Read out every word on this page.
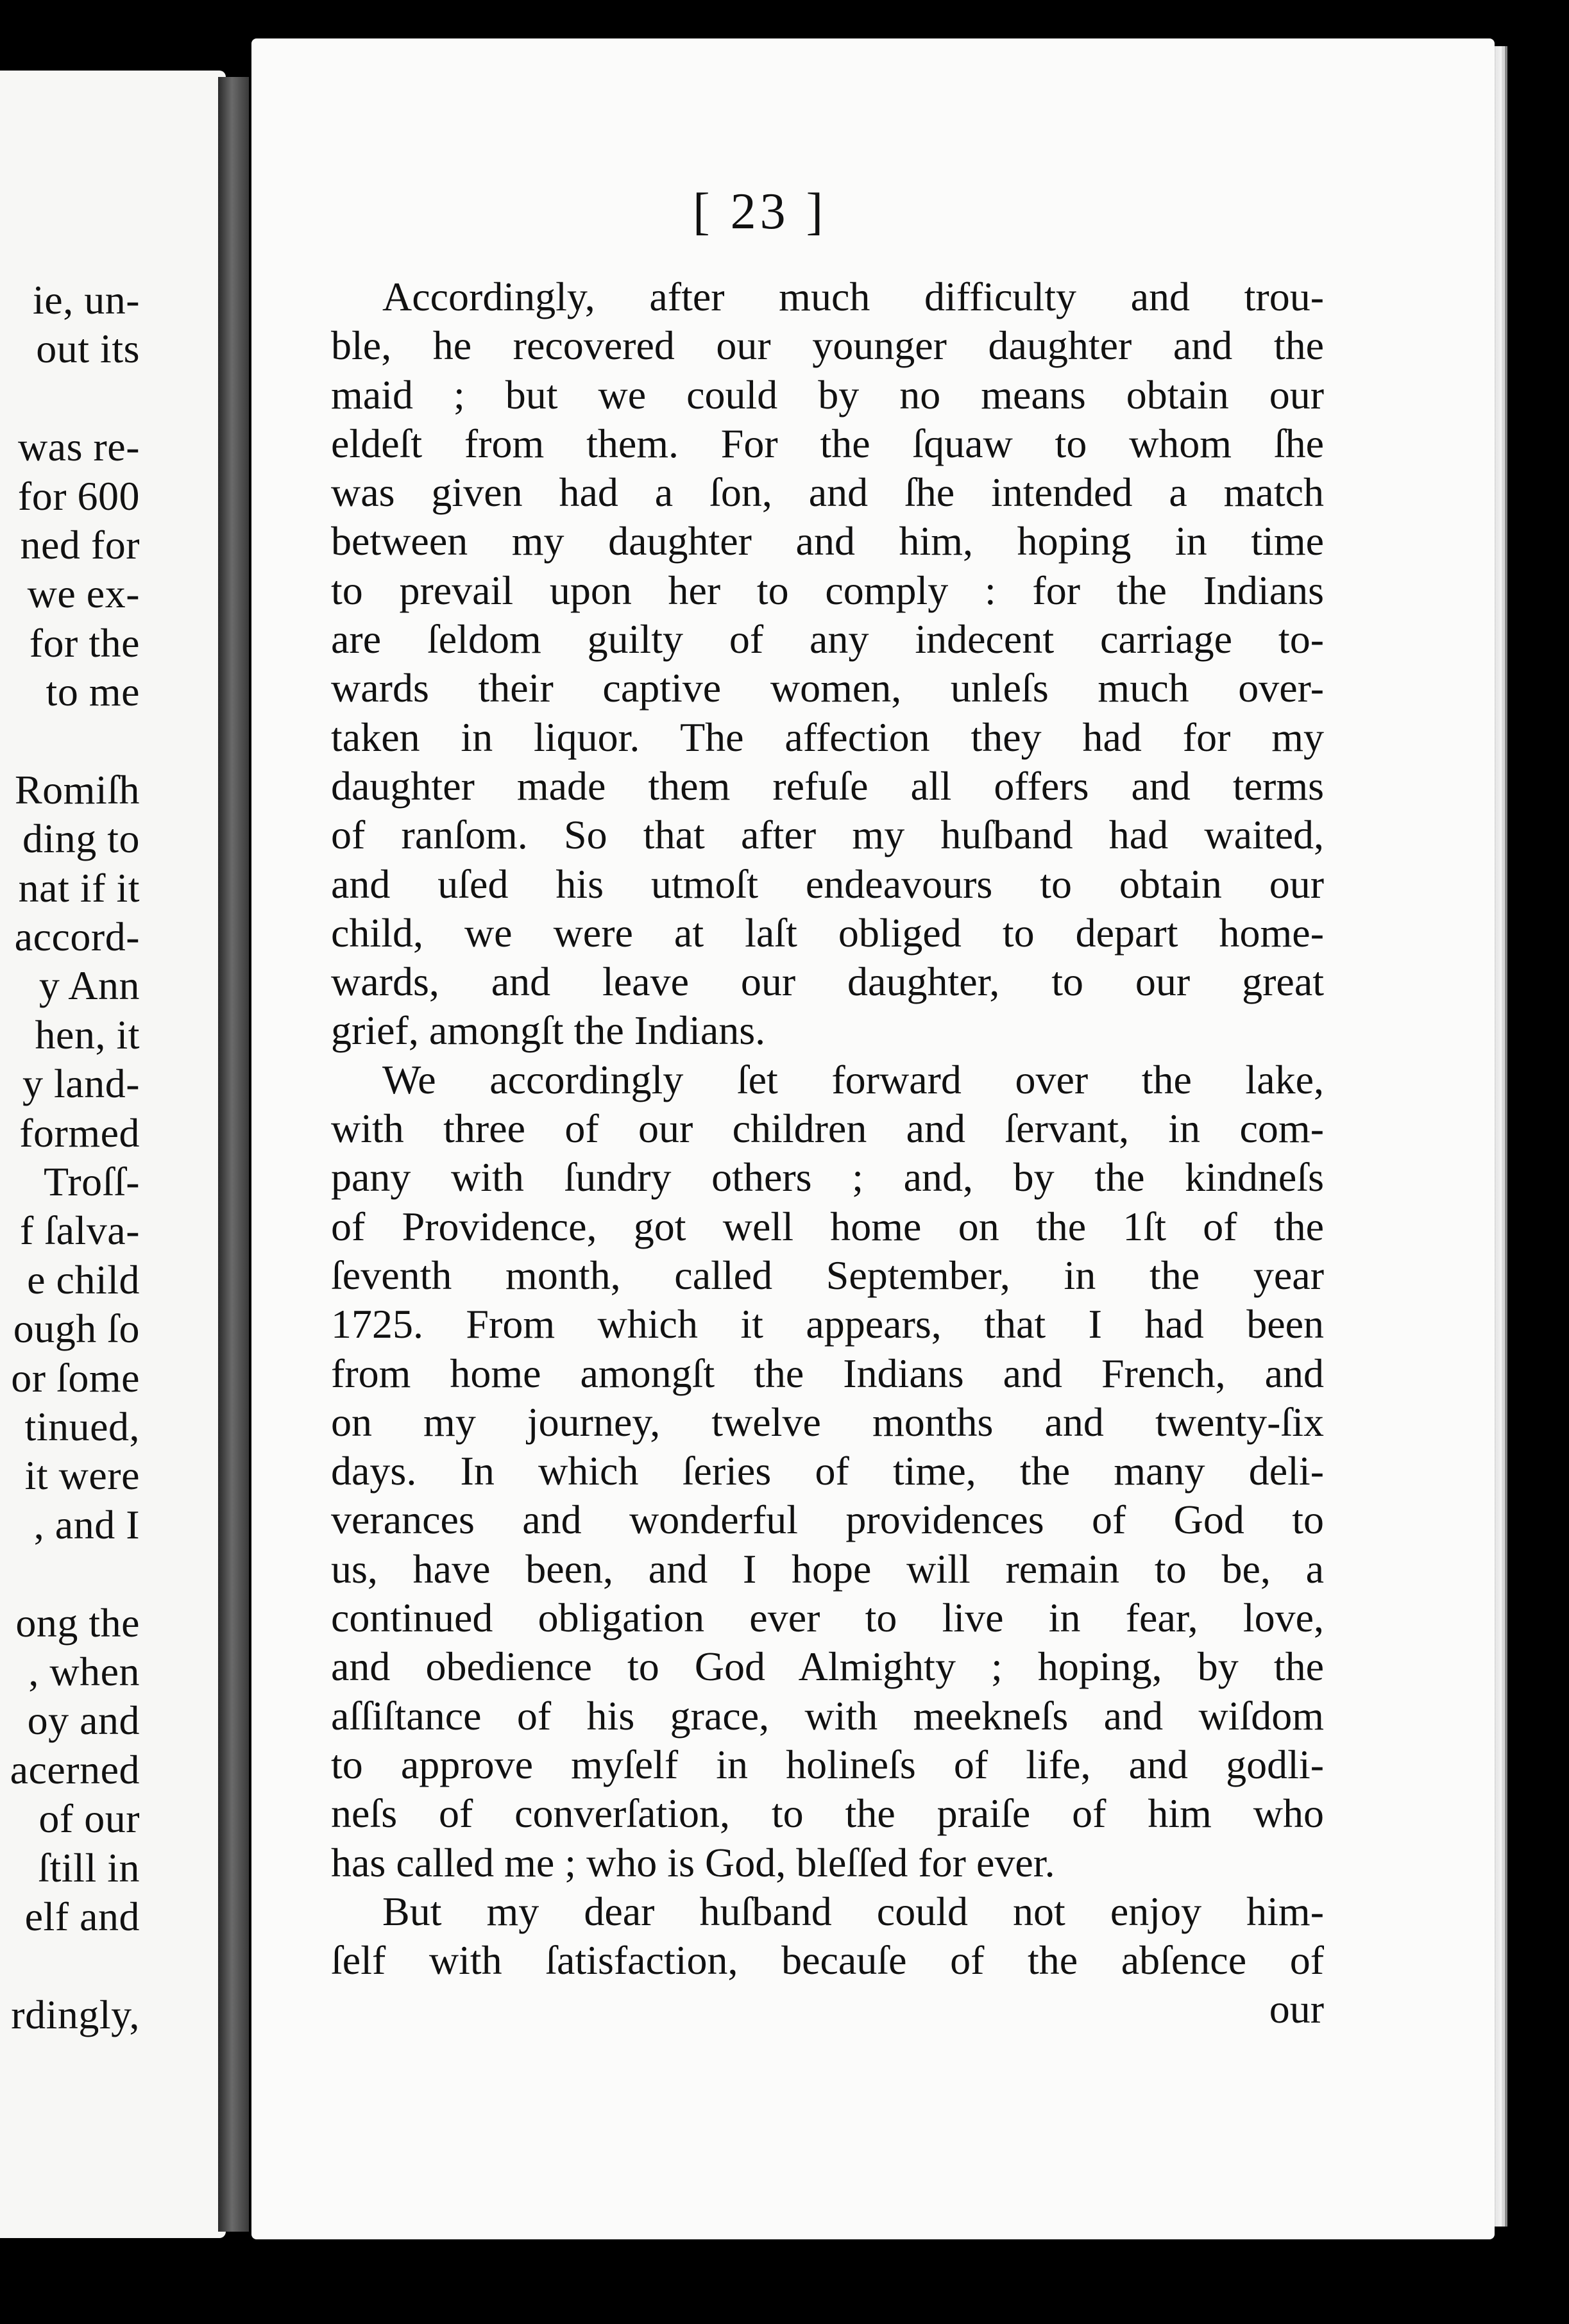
ie, un-
out its
was re-
for 600
ned for
we ex-
for the
to me
Romiſh
ding to
nat if it
accord-
y Ann
hen, it
y land-
formed
Troſſ-
f ſalva-
e child
ough ſo
or ſome
tinued,
it were
, and I
ong the
, when
oy and
acerned
of our
ſtill in
elf and
rdingly,
[ 23 ]
Accordingly, after much difficulty and trou-
ble, he recovered our younger daughter and the
maid ; but we could by no means obtain our
eldeſt from them. For the ſquaw to whom ſhe
was given had a ſon, and ſhe intended a match
between my daughter and him, hoping in time
to prevail upon her to comply : for the Indians
are ſeldom guilty of any indecent carriage to-
wards their captive women, unleſs much over-
taken in liquor. The affection they had for my
daughter made them refuſe all offers and terms
of ranſom. So that after my huſband had waited,
and uſed his utmoſt endeavours to obtain our
child, we were at laſt obliged to depart home-
wards, and leave our daughter, to our great
grief, amongſt the Indians.
We accordingly ſet forward over the lake,
with three of our children and ſervant, in com-
pany with ſundry others ; and, by the kindneſs
of Providence, got well home on the 1ſt of the
ſeventh month, called September, in the year
1725. From which it appears, that I had been
from home amongſt the Indians and French, and
on my journey, twelve months and twenty-ſix
days. In which ſeries of time, the many deli-
verances and wonderful providences of God to
us, have been, and I hope will remain to be, a
continued obligation ever to live in fear, love,
and obedience to God Almighty ; hoping, by the
aſſiſtance of his grace, with meekneſs and wiſdom
to approve myſelf in holineſs of life, and godli-
neſs of converſation, to the praiſe of him who
has called me ; who is God, bleſſed for ever.
But my dear huſband could not enjoy him-
ſelf with ſatisfaction, becauſe of the abſence of
our
